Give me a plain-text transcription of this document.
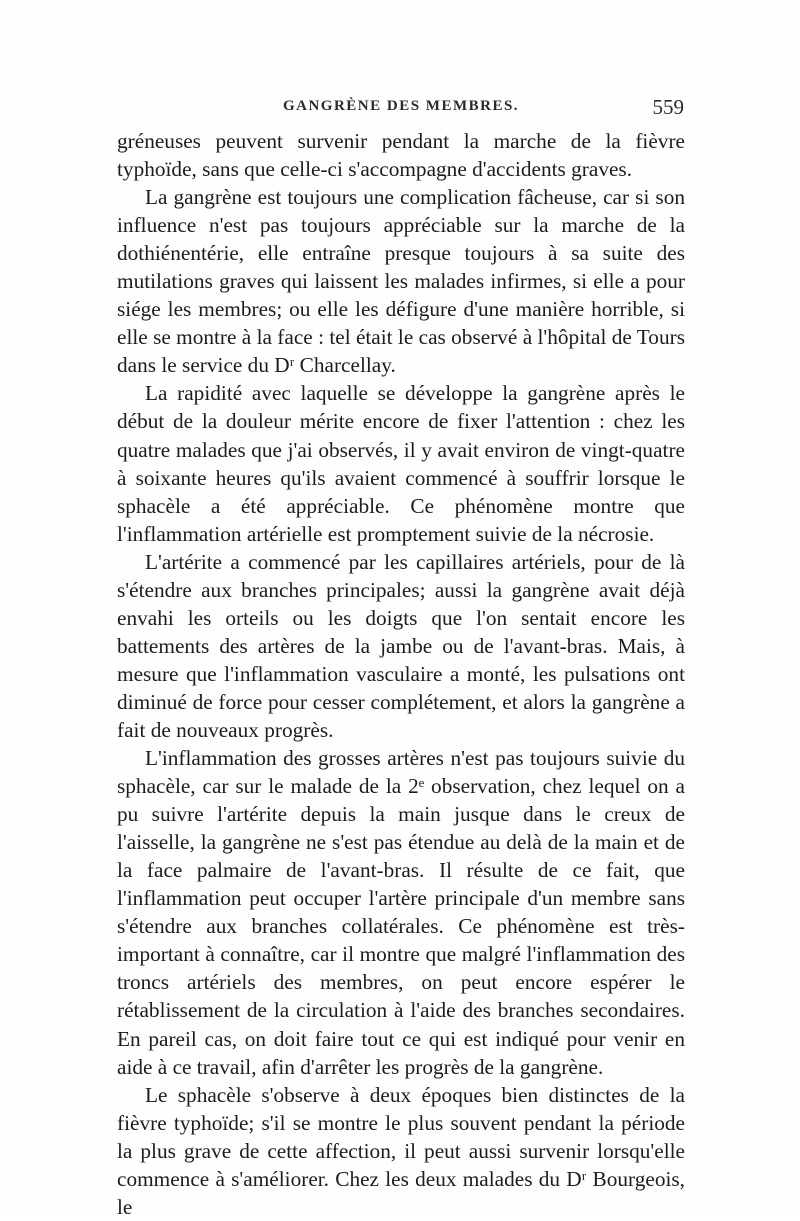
GANGRÈNE DES MEMBRES.	559

gréneuses peuvent survenir pendant la marche de la fièvre typhoïde, sans que celle-ci s'accompagne d'accidents graves.

La gangrène est toujours une complication fâcheuse, car si son influence n'est pas toujours appréciable sur la marche de la dothiénentérie, elle entraîne presque toujours à sa suite des mutilations graves qui laissent les malades infirmes, si elle a pour siége les membres; ou elle les défigure d'une manière horrible, si elle se montre à la face : tel était le cas observé à l'hôpital de Tours dans le service du Dʳ Charcellay.

La rapidité avec laquelle se développe la gangrène après le début de la douleur mérite encore de fixer l'attention : chez les quatre malades que j'ai observés, il y avait environ de vingt-quatre à soixante heures qu'ils avaient commencé à souffrir lorsque le sphacèle a été appréciable. Ce phénomène montre que l'inflammation artérielle est promptement suivie de la nécrosie.

L'artérite a commencé par les capillaires artériels, pour de là s'étendre aux branches principales; aussi la gangrène avait déjà envahi les orteils ou les doigts que l'on sentait encore les battements des artères de la jambe ou de l'avant-bras. Mais, à mesure que l'inflammation vasculaire a monté, les pulsations ont diminué de force pour cesser complétement, et alors la gangrène a fait de nouveaux progrès.

L'inflammation des grosses artères n'est pas toujours suivie du sphacèle, car sur le malade de la 2ᵉ observation, chez lequel on a pu suivre l'artérite depuis la main jusque dans le creux de l'aisselle, la gangrène ne s'est pas étendue au delà de la main et de la face palmaire de l'avant-bras. Il résulte de ce fait, que l'inflammation peut occuper l'artère principale d'un membre sans s'étendre aux branches collatérales. Ce phénomène est très-important à connaître, car il montre que malgré l'inflammation des troncs artériels des membres, on peut encore espérer le rétablissement de la circulation à l'aide des branches secondaires. En pareil cas, on doit faire tout ce qui est indiqué pour venir en aide à ce travail, afin d'arrêter les progrès de la gangrène.

Le sphacèle s'observe à deux époques bien distinctes de la fièvre typhoïde; s'il se montre le plus souvent pendant la période la plus grave de cette affection, il peut aussi survenir lorsqu'elle commence à s'améliorer. Chez les deux malades du Dʳ Bourgeois, le
